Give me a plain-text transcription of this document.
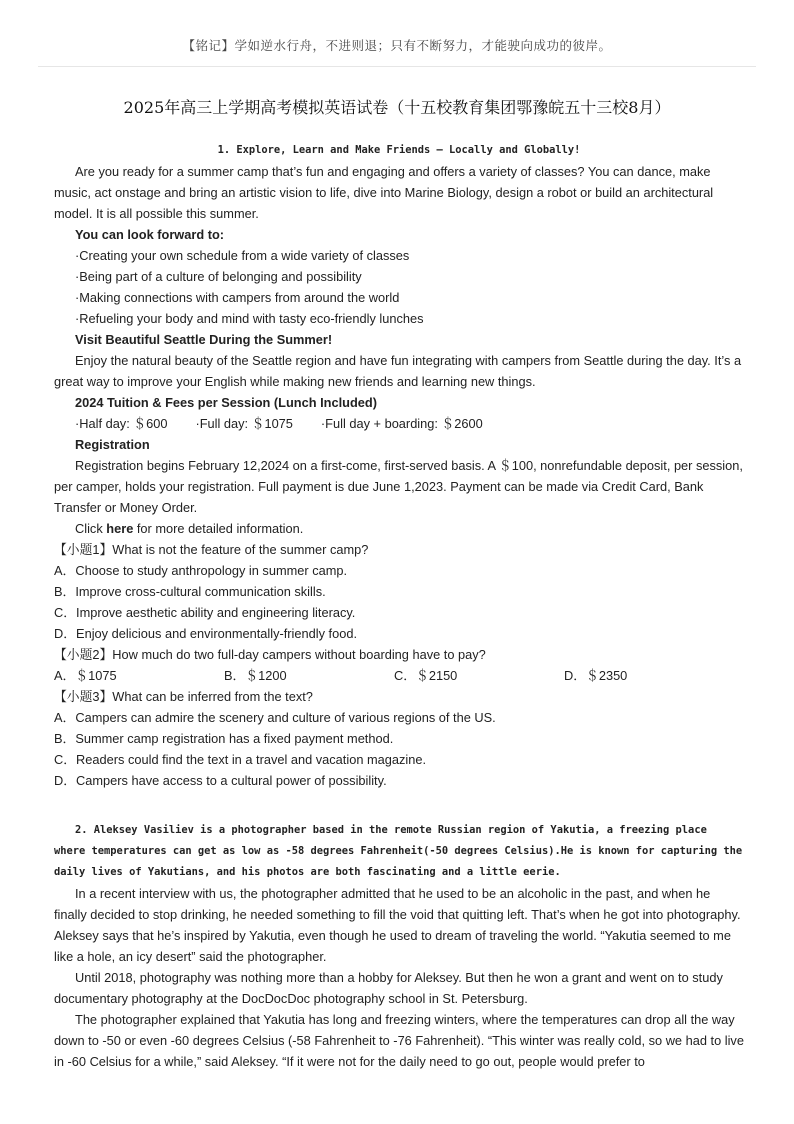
【铭记】学如逆水行舟，不进则退；只有不断努力，才能驶向成功的彼岸。
2025年高三上学期高考模拟英语试卷（十五校教育集团鄂豫皖五十三校8月）

1. Explore, Learn and Make Friends — Locally and Globally!

Are you ready for a summer camp that’s fun and engaging and offers a variety of classes? You can dance, make music, act onstage and bring an artistic vision to life, dive into Marine Biology, design a robot or build an architectural model. It is all possible this summer.

You can look forward to:

·Creating your own schedule from a wide variety of classes

·Being part of a culture of belonging and possibility

·Making connections with campers from around the world

·Refueling your body and mind with tasty eco-friendly lunches

Visit Beautiful Seattle During the Summer!

Enjoy the natural beauty of the Seattle region and have fun integrating with campers from Seattle during the day. It’s a great way to improve your English while making new friends and learning new things.

2024 Tuition & Fees per Session (Lunch Included)

·Half day: ＄600 ·Full day: ＄1075 ·Full day + boarding: ＄2600

Registration

Registration begins February 12,2024 on a first-come, first-served basis. A ＄100, nonrefundable deposit, per session, per camper, holds your registration. Full payment is due June 1,2023. Payment can be made via Credit Card, Bank Transfer or Money Order.

Click here for more detailed information.

【小题1】What is not the feature of the summer camp?

A．Choose to study anthropology in summer camp.

B．Improve cross-cultural communication skills.

C．Improve aesthetic ability and engineering literacy.

D．Enjoy delicious and environmentally-friendly food.

【小题2】How much do two full-day campers without boarding have to pay?

A．＄1075	B．＄1200	C．＄2150	D．＄2350

【小题3】What can be inferred from the text?

A．Campers can admire the scenery and culture of various regions of the US.

B．Summer camp registration has a fixed payment method.

C．Readers could find the text in a travel and vacation magazine.

D．Campers have access to a cultural power of possibility.

2. Aleksey Vasiliev is a photographer based in the remote Russian region of Yakutia, a freezing place where temperatures can get as low as -58 degrees Fahrenheit(-50 degrees Celsius).He is known for capturing the daily lives of Yakutians, and his photos are both fascinating and a little eerie.

In a recent interview with us, the photographer admitted that he used to be an alcoholic in the past, and when he finally decided to stop drinking, he needed something to fill the void that quitting left. That’s when he got into photography. Aleksey says that he’s inspired by Yakutia, even though he used to dream of traveling the world. “Yakutia seemed to me like a hole, an icy desert” said the photographer.

Until 2018, photography was nothing more than a hobby for Aleksey. But then he won a grant and went on to study documentary photography at the DocDocDoc photography school in St. Petersburg.

The photographer explained that Yakutia has long and freezing winters, where the temperatures can drop all the way down to -50 or even -60 degrees Celsius (-58 Fahrenheit to -76 Fahrenheit). “This winter was really cold, so we had to live in -60 Celsius for a while,” said Aleksey. “If it were not for the daily need to go out, people would prefer to
